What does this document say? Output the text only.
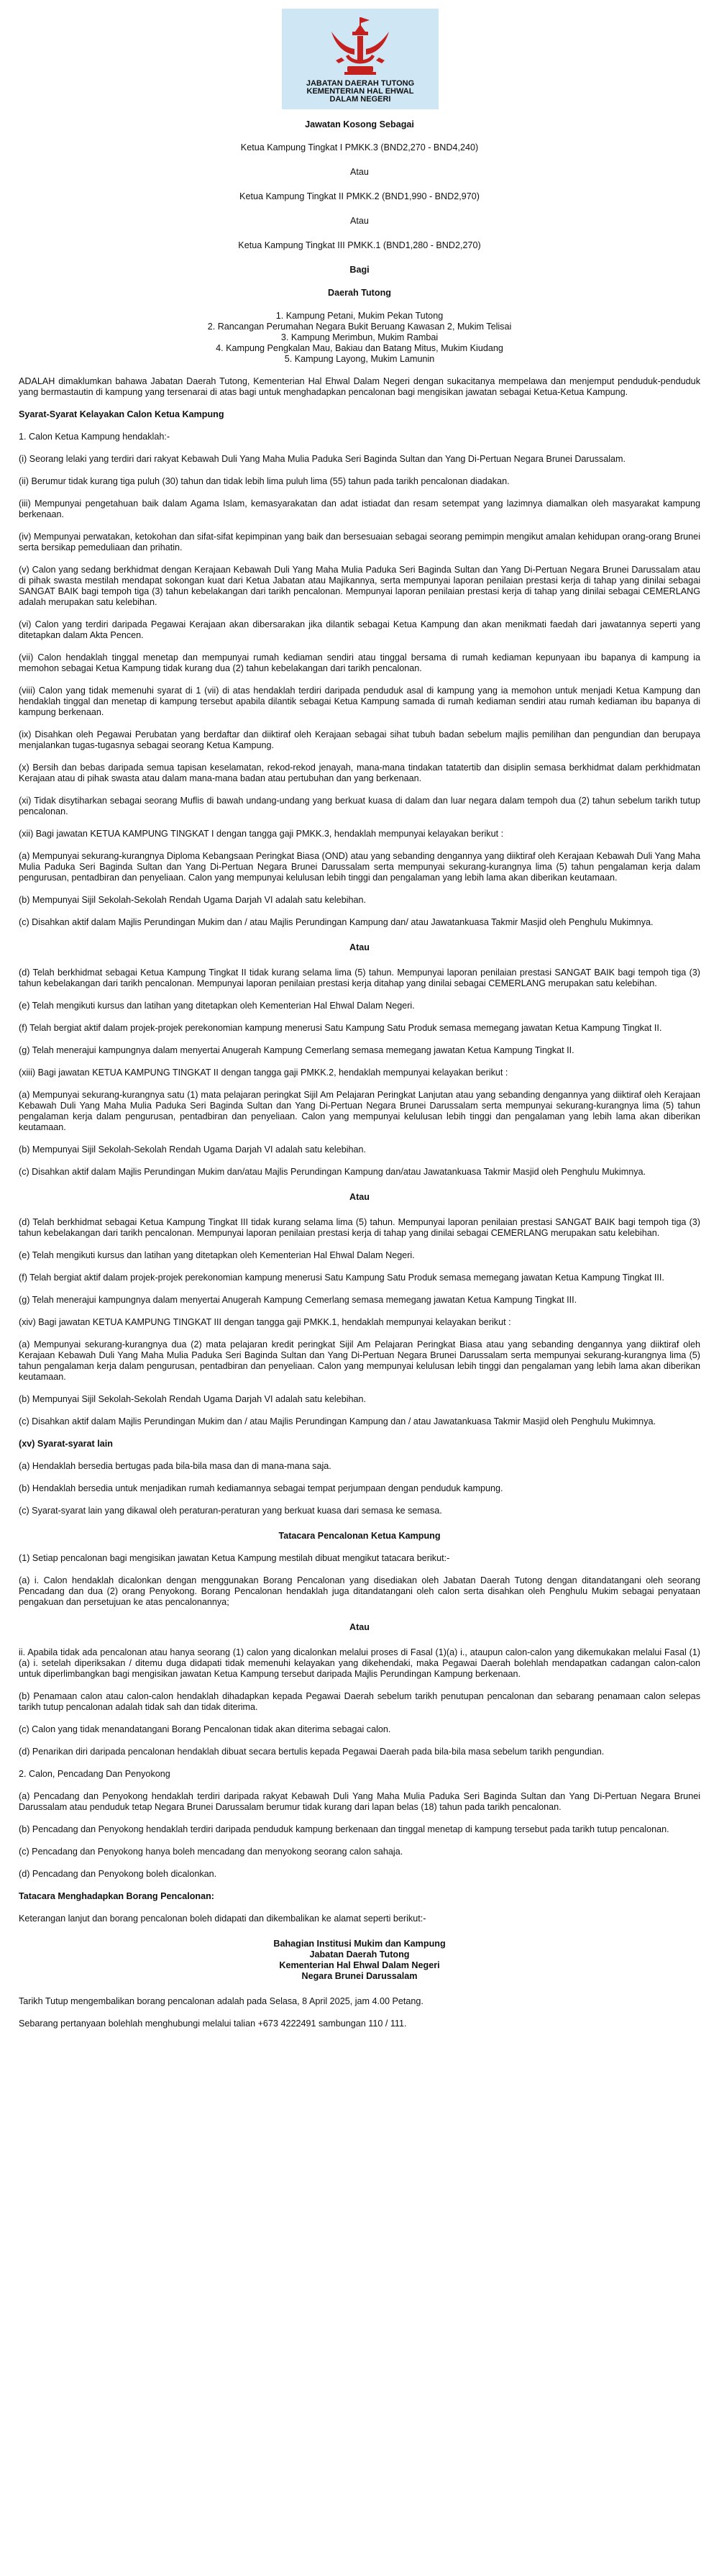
JABATAN DAERAH TUTONG
KEMENTERIAN HAL EHWAL
DALAM NEGERI

Jawatan Kosong Sebagai

Ketua Kampung Tingkat I PMKK.3 (BND2,270 - BND4,240)

Atau

Ketua Kampung Tingkat II PMKK.2 (BND1,990 - BND2,970)

Atau

Ketua Kampung Tingkat III PMKK.1 (BND1,280 - BND2,270)

Bagi

Daerah Tutong

1. Kampung Petani, Mukim Pekan Tutong

2. Rancangan Perumahan Negara Bukit Beruang Kawasan 2, Mukim Telisai

3. Kampung Merimbun, Mukim Rambai

4. Kampung Pengkalan Mau, Bakiau dan Batang Mitus, Mukim Kiudang

5. Kampung Layong, Mukim Lamunin

ADALAH dimaklumkan bahawa Jabatan Daerah Tutong, Kementerian Hal Ehwal Dalam Negeri dengan sukacitanya mempelawa dan menjemput penduduk-penduduk yang bermastautin di kampung yang tersenarai di atas bagi untuk menghadapkan pencalonan bagi mengisikan jawatan sebagai Ketua-Ketua Kampung.

Syarat-Syarat Kelayakan Calon Ketua Kampung

1. Calon Ketua Kampung hendaklah:-

(i) Seorang lelaki yang terdiri dari rakyat Kebawah Duli Yang Maha Mulia Paduka Seri Baginda Sultan dan Yang Di-Pertuan Negara Brunei Darussalam.

(ii) Berumur tidak kurang tiga puluh (30) tahun dan tidak lebih lima puluh lima (55) tahun pada tarikh pencalonan diadakan.

(iii) Mempunyai pengetahuan baik dalam Agama Islam, kemasyarakatan dan adat istiadat dan resam setempat yang lazimnya diamalkan oleh masyarakat kampung berkenaan.

(iv) Mempunyai perwatakan, ketokohan dan sifat-sifat kepimpinan yang baik dan bersesuaian sebagai seorang pemimpin mengikut amalan kehidupan orang-orang Brunei serta bersikap pemeduliaan dan prihatin.

(v) Calon yang sedang berkhidmat dengan Kerajaan Kebawah Duli Yang Maha Mulia Paduka Seri Baginda Sultan dan Yang Di-Pertuan Negara Brunei Darussalam atau di pihak swasta mestilah mendapat sokongan kuat dari Ketua Jabatan atau Majikannya, serta mempunyai laporan penilaian prestasi kerja di tahap yang dinilai sebagai SANGAT BAIK bagi tempoh tiga (3) tahun kebelakangan dari tarikh pencalonan. Mempunyai laporan penilaian prestasi kerja di tahap yang dinilai sebagai CEMERLANG adalah merupakan satu kelebihan.

(vi) Calon yang terdiri daripada Pegawai Kerajaan akan dibersarakan jika dilantik sebagai Ketua Kampung dan akan menikmati faedah dari jawatannya seperti yang ditetapkan dalam Akta Pencen.

(vii) Calon hendaklah tinggal menetap dan mempunyai rumah kediaman sendiri atau tinggal bersama di rumah kediaman kepunyaan ibu bapanya di kampung ia memohon sebagai Ketua Kampung tidak kurang dua (2) tahun kebelakangan dari tarikh pencalonan.

(viii) Calon yang tidak memenuhi syarat di 1 (vii) di atas hendaklah terdiri daripada penduduk asal di kampung yang ia memohon untuk menjadi Ketua Kampung dan hendaklah tinggal dan menetap di kampung tersebut apabila dilantik sebagai Ketua Kampung samada di rumah kediaman sendiri atau rumah kediaman ibu bapanya di kampung berkenaan.

(ix) Disahkan oleh Pegawai Perubatan yang berdaftar dan diiktiraf oleh Kerajaan sebagai sihat tubuh badan sebelum majlis pemilihan dan pengundian dan berupaya menjalankan tugas-tugasnya sebagai seorang Ketua Kampung.

(x) Bersih dan bebas daripada semua tapisan keselamatan, rekod-rekod jenayah, mana-mana tindakan tatatertib dan disiplin semasa berkhidmat dalam perkhidmatan Kerajaan atau di pihak swasta atau dalam mana-mana badan atau pertubuhan dan yang berkenaan.

(xi) Tidak disytiharkan sebagai seorang Muflis di bawah undang-undang yang berkuat kuasa di dalam dan luar negara dalam tempoh dua (2) tahun sebelum tarikh tutup pencalonan.

(xii) Bagi jawatan KETUA KAMPUNG TINGKAT I dengan tangga gaji PMKK.3, hendaklah mempunyai kelayakan berikut :

(a) Mempunyai sekurang-kurangnya Diploma Kebangsaan Peringkat Biasa (OND) atau yang sebanding dengannya yang diiktiraf oleh Kerajaan Kebawah Duli Yang Maha Mulia Paduka Seri Baginda Sultan dan Yang Di-Pertuan Negara Brunei Darussalam serta mempunyai sekurang-kurangnya lima (5) tahun pengalaman kerja dalam pengurusan, pentadbiran dan penyeliaan. Calon yang mempunyai kelulusan lebih tinggi dan pengalaman yang lebih lama akan diberikan keutamaan.

(b) Mempunyai Sijil Sekolah-Sekolah Rendah Ugama Darjah VI adalah satu kelebihan.

(c) Disahkan aktif dalam Majlis Perundingan Mukim dan / atau Majlis Perundingan Kampung dan/ atau Jawatankuasa Takmir Masjid oleh Penghulu Mukimnya.

Atau

(d) Telah berkhidmat sebagai Ketua Kampung Tingkat II tidak kurang selama lima (5) tahun. Mempunyai laporan penilaian prestasi SANGAT BAIK bagi tempoh tiga (3) tahun kebelakangan dari tarikh pencalonan. Mempunyai laporan penilaian prestasi kerja ditahap yang dinilai sebagai CEMERLANG merupakan satu kelebihan.

(e) Telah mengikuti kursus dan latihan yang ditetapkan oleh Kementerian Hal Ehwal Dalam Negeri.

(f) Telah bergiat aktif dalam projek-projek perekonomian kampung menerusi Satu Kampung Satu Produk semasa memegang jawatan Ketua Kampung Tingkat II.

(g) Telah menerajui kampungnya dalam menyertai Anugerah Kampung Cemerlang semasa memegang jawatan Ketua Kampung Tingkat II.

(xiii) Bagi jawatan KETUA KAMPUNG TINGKAT II dengan tangga gaji PMKK.2, hendaklah mempunyai kelayakan berikut :

(a) Mempunyai sekurang-kurangnya satu (1) mata pelajaran peringkat Sijil Am Pelajaran Peringkat Lanjutan atau yang sebanding dengannya yang diiktiraf oleh Kerajaan Kebawah Duli Yang Maha Mulia Paduka Seri Baginda Sultan dan Yang Di-Pertuan Negara Brunei Darussalam serta mempunyai sekurang-kurangnya lima (5) tahun pengalaman kerja dalam pengurusan, pentadbiran dan penyeliaan. Calon yang mempunyai kelulusan lebih tinggi dan pengalaman yang lebih lama akan diberikan keutamaan.

(b) Mempunyai Sijil Sekolah-Sekolah Rendah Ugama Darjah VI adalah satu kelebihan.

(c) Disahkan aktif dalam Majlis Perundingan Mukim dan/atau Majlis Perundingan Kampung dan/atau Jawatankuasa Takmir Masjid oleh Penghulu Mukimnya.

Atau

(d) Telah berkhidmat sebagai Ketua Kampung Tingkat III tidak kurang selama lima (5) tahun. Mempunyai laporan penilaian prestasi SANGAT BAIK bagi tempoh tiga (3) tahun kebelakangan dari tarikh pencalonan. Mempunyai laporan penilaian prestasi kerja di tahap yang dinilai sebagai CEMERLANG merupakan satu kelebihan.

(e) Telah mengikuti kursus dan latihan yang ditetapkan oleh Kementerian Hal Ehwal Dalam Negeri.

(f) Telah bergiat aktif dalam projek-projek perekonomian kampung menerusi Satu Kampung Satu Produk semasa memegang jawatan Ketua Kampung Tingkat III.

(g) Telah menerajui kampungnya dalam menyertai Anugerah Kampung Cemerlang semasa memegang jawatan Ketua Kampung Tingkat III.

(xiv) Bagi jawatan KETUA KAMPUNG TINGKAT III dengan tangga gaji PMKK.1, hendaklah mempunyai kelayakan berikut :

(a) Mempunyai sekurang-kurangnya dua (2) mata pelajaran kredit peringkat Sijil Am Pelajaran Peringkat Biasa atau yang sebanding dengannya yang diiktiraf oleh Kerajaan Kebawah Duli Yang Maha Mulia Paduka Seri Baginda Sultan dan Yang Di-Pertuan Negara Brunei Darussalam serta mempunyai sekurang-kurangnya lima (5) tahun pengalaman kerja dalam pengurusan, pentadbiran dan penyeliaan. Calon yang mempunyai kelulusan lebih tinggi dan pengalaman yang lebih lama akan diberikan keutamaan.

(b) Mempunyai Sijil Sekolah-Sekolah Rendah Ugama Darjah VI adalah satu kelebihan.

(c) Disahkan aktif dalam Majlis Perundingan Mukim dan / atau Majlis Perundingan Kampung dan / atau Jawatankuasa Takmir Masjid oleh Penghulu Mukimnya.

(xv) Syarat-syarat lain

(a) Hendaklah bersedia bertugas pada bila-bila masa dan di mana-mana saja.

(b) Hendaklah bersedia untuk menjadikan rumah kediamannya sebagai tempat perjumpaan dengan penduduk kampung.

(c) Syarat-syarat lain yang dikawal oleh peraturan-peraturan yang berkuat kuasa dari semasa ke semasa.

Tatacara Pencalonan Ketua Kampung

(1) Setiap pencalonan bagi mengisikan jawatan Ketua Kampung mestilah dibuat mengikut tatacara berikut:-

(a) i. Calon hendaklah dicalonkan dengan menggunakan Borang Pencalonan yang disediakan oleh Jabatan Daerah Tutong dengan ditandatangani oleh seorang Pencadang dan dua (2) orang Penyokong. Borang Pencalonan hendaklah juga ditandatangani oleh calon serta disahkan oleh Penghulu Mukim sebagai penyataan pengakuan dan persetujuan ke atas pencalonannya;

Atau

ii. Apabila tidak ada pencalonan atau hanya seorang (1) calon yang dicalonkan melalui proses di Fasal (1)(a) i., ataupun calon-calon yang dikemukakan melalui Fasal (1)(a) i. setelah diperiksakan / ditemu duga didapati tidak memenuhi kelayakan yang dikehendaki, maka Pegawai Daerah bolehlah mendapatkan cadangan calon-calon untuk diperlimbangkan bagi mengisikan jawatan Ketua Kampung tersebut daripada Majlis Perundingan Kampung berkenaan.

(b) Penamaan calon atau calon-calon hendaklah dihadapkan kepada Pegawai Daerah sebelum tarikh penutupan pencalonan dan sebarang penamaan calon selepas tarikh tutup pencalonan adalah tidak sah dan tidak diterima.

(c) Calon yang tidak menandatangani Borang Pencalonan tidak akan diterima sebagai calon.

(d) Penarikan diri daripada pencalonan hendaklah dibuat secara bertulis kepada Pegawai Daerah pada bila-bila masa sebelum tarikh pengundian.

2. Calon, Pencadang Dan Penyokong

(a) Pencadang dan Penyokong hendaklah terdiri daripada rakyat Kebawah Duli Yang Maha Mulia Paduka Seri Baginda Sultan dan Yang Di-Pertuan Negara Brunei Darussalam atau penduduk tetap Negara Brunei Darussalam berumur tidak kurang dari lapan belas (18) tahun pada tarikh pencalonan.

(b) Pencadang dan Penyokong hendaklah terdiri daripada penduduk kampung berkenaan dan tinggal menetap di kampung tersebut pada tarikh tutup pencalonan.

(c) Pencadang dan Penyokong hanya boleh mencadang dan menyokong seorang calon sahaja.

(d) Pencadang dan Penyokong boleh dicalonkan.

Tatacara Menghadapkan Borang Pencalonan:

Keterangan lanjut dan borang pencalonan boleh didapati dan dikembalikan ke alamat seperti berikut:-

Bahagian Institusi Mukim dan Kampung

Jabatan Daerah Tutong

Kementerian Hal Ehwal Dalam Negeri

Negara Brunei Darussalam

Tarikh Tutup mengembalikan borang pencalonan adalah pada Selasa, 8 April 2025, jam 4.00 Petang.

Sebarang pertanyaan bolehlah menghubungi melalui talian +673 4222491 sambungan 110 / 111.
